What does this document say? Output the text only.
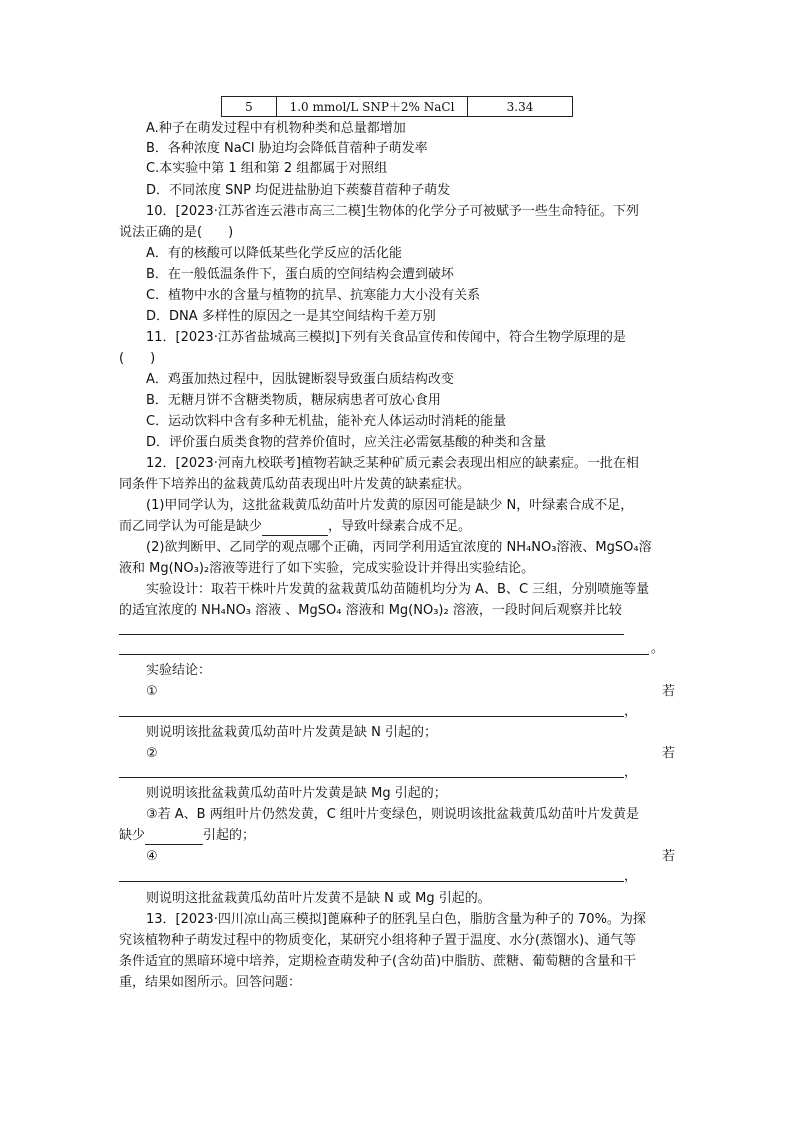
5	1.0 mmol/L SNP＋2% NaCl	3.34
A.种子在萌发过程中有机物种类和总量都增加
B．各种浓度 NaCl 胁迫均会降低苜蓿种子萌发率
C.本实验中第 1 组和第 2 组都属于对照组
D．不同浓度 SNP 均促进盐胁迫下蒺藜苜蓿种子萌发
10．[2023·江苏省连云港市高三二模]生物体的化学分子可被赋予一些生命特征。下列
说法正确的是(　　)
A．有的核酸可以降低某些化学反应的活化能
B．在一般低温条件下，蛋白质的空间结构会遭到破坏
C．植物中水的含量与植物的抗旱、抗寒能力大小没有关系
D．DNA 多样性的原因之一是其空间结构千差万别
11．[2023·江苏省盐城高三模拟]下列有关食品宣传和传闻中，符合生物学原理的是
(　　)
A．鸡蛋加热过程中，因肽键断裂导致蛋白质结构改变
B．无糖月饼不含糖类物质，糖尿病患者可放心食用
C．运动饮料中含有多种无机盐，能补充人体运动时消耗的能量
D．评价蛋白质类食物的营养价值时，应关注必需氨基酸的种类和含量
12．[2023·河南九校联考]植物若缺乏某种矿质元素会表现出相应的缺素症。一批在相
同条件下培养出的盆栽黄瓜幼苗表现出叶片发黄的缺素症状。
(1)甲同学认为，这批盆栽黄瓜幼苗叶片发黄的原因可能是缺少 N，叶绿素合成不足，
而乙同学认为可能是缺少	，导致叶绿素合成不足。
(2)欲判断甲、乙同学的观点哪个正确，丙同学利用适宜浓度的 NH₄NO₃溶液、MgSO₄溶
液和 Mg(NO₃)₂溶液等进行了如下实验，完成实验设计并得出实验结论。
实验设计：取若干株叶片发黄的盆栽黄瓜幼苗随机均分为 A、B、C 三组，分别喷施等量
的适宜浓度的 NH₄NO₃ 溶液 、MgSO₄ 溶液和 Mg(NO₃)₂ 溶液，一段时间后观察并比较
。
实验结论：
①	若
，
则说明该批盆栽黄瓜幼苗叶片发黄是缺 N 引起的；
②	若
，
则说明该批盆栽黄瓜幼苗叶片发黄是缺 Mg 引起的；
③若 A、B 两组叶片仍然发黄，C 组叶片变绿色，则说明该批盆栽黄瓜幼苗叶片发黄是
缺少	引起的；
④	若
，
则说明这批盆栽黄瓜幼苗叶片发黄不是缺 N 或 Mg 引起的。
13．[2023·四川凉山高三模拟]蓖麻种子的胚乳呈白色，脂肪含量为种子的 70%。为探
究该植物种子萌发过程中的物质变化，某研究小组将种子置于温度、水分(蒸馏水)、通气等
条件适宜的黑暗环境中培养，定期检查萌发种子(含幼苗)中脂肪、蔗糖、葡萄糖的含量和干
重，结果如图所示。回答问题：
